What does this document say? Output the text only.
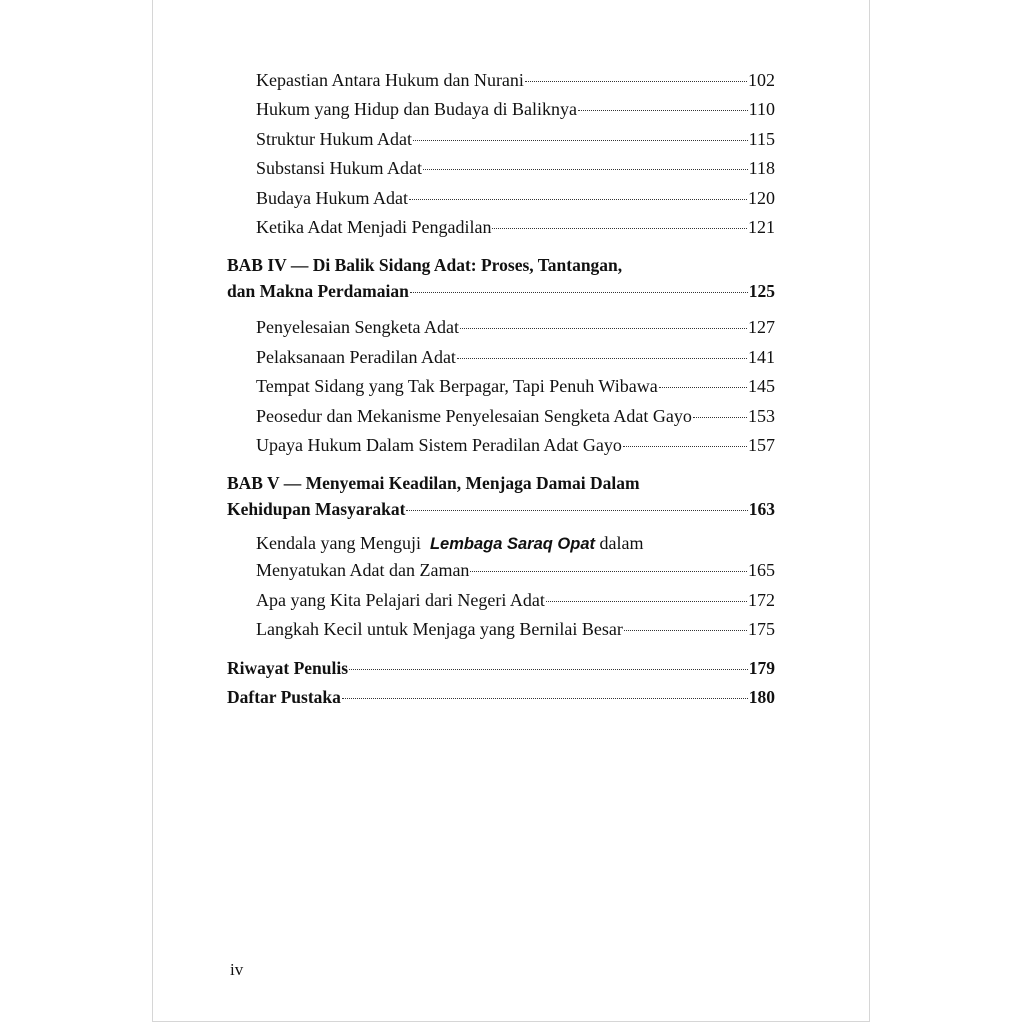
Kepastian Antara Hukum dan Nurani	102
Hukum yang Hidup dan Budaya di Baliknya	110
Struktur Hukum Adat	115
Substansi Hukum Adat	118
Budaya Hukum Adat	120
Ketika Adat Menjadi Pengadilan	121
BAB IV — Di Balik Sidang Adat: Proses, Tantangan,
dan Makna Perdamaian	125
Penyelesaian Sengketa Adat	127
Pelaksanaan Peradilan Adat	141
Tempat Sidang yang Tak Berpagar, Tapi Penuh Wibawa	145
Peosedur dan Mekanisme Penyelesaian Sengketa Adat Gayo	153
Upaya Hukum Dalam Sistem Peradilan Adat Gayo	157
BAB V — Menyemai Keadilan, Menjaga Damai Dalam
Kehidupan Masyarakat	163
Kendala yang Menguji Lembaga Saraq Opat dalam
Menyatukan Adat dan Zaman	165
Apa yang Kita Pelajari dari Negeri Adat	172
Langkah Kecil untuk Menjaga yang Bernilai Besar	175
Riwayat Penulis	179
Daftar Pustaka	180
iv
